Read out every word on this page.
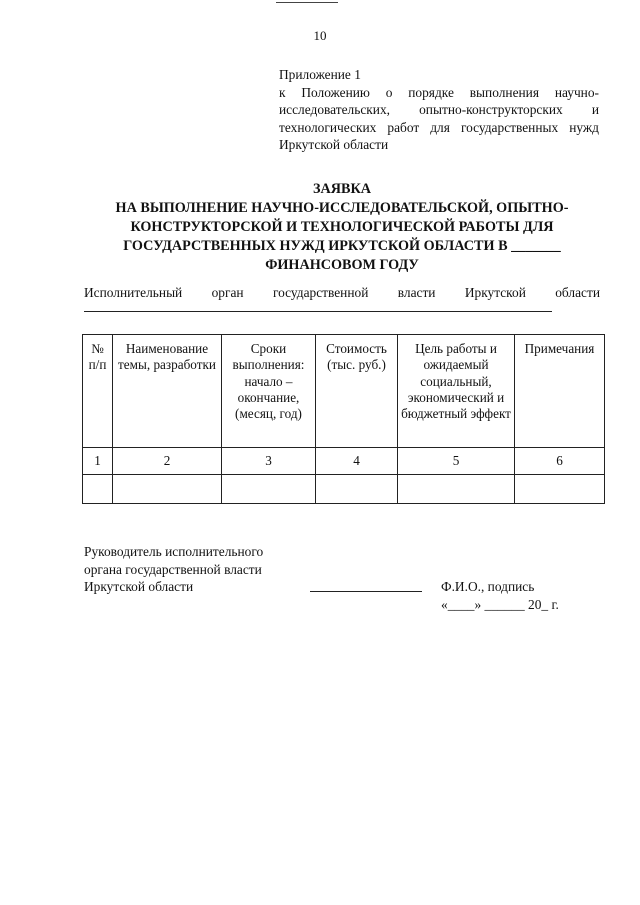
10
Приложение 1
к Положению о порядке выполнения научно-исследовательских, опытно-конструкторских и технологических работ для государственных нужд Иркутской области
ЗАЯВКА
НА ВЫПОЛНЕНИЕ НАУЧНО-ИССЛЕДОВАТЕЛЬСКОЙ, ОПЫТНО-
КОНСТРУКТОРСКОЙ И ТЕХНОЛОГИЧЕСКОЙ РАБОТЫ ДЛЯ
ГОСУДАРСТВЕННЫХ НУЖД ИРКУТСКОЙ ОБЛАСТИ В _______
ФИНАНСОВОМ ГОДУ
Исполнительный орган государственной власти Иркутской области
№ п/п	Наименование темы, разработки	Сроки выполнения: начало – окончание, (месяц, год)	Стоимость (тыс. руб.)	Цель работы и ожидаемый социальный, экономический и бюджетный эффект	Примечания
1	2	3	4	5	6

Руководитель исполнительного
органа государственной власти
Иркутской области	Ф.И.О., подпись
«____» ______ 20_ г.
